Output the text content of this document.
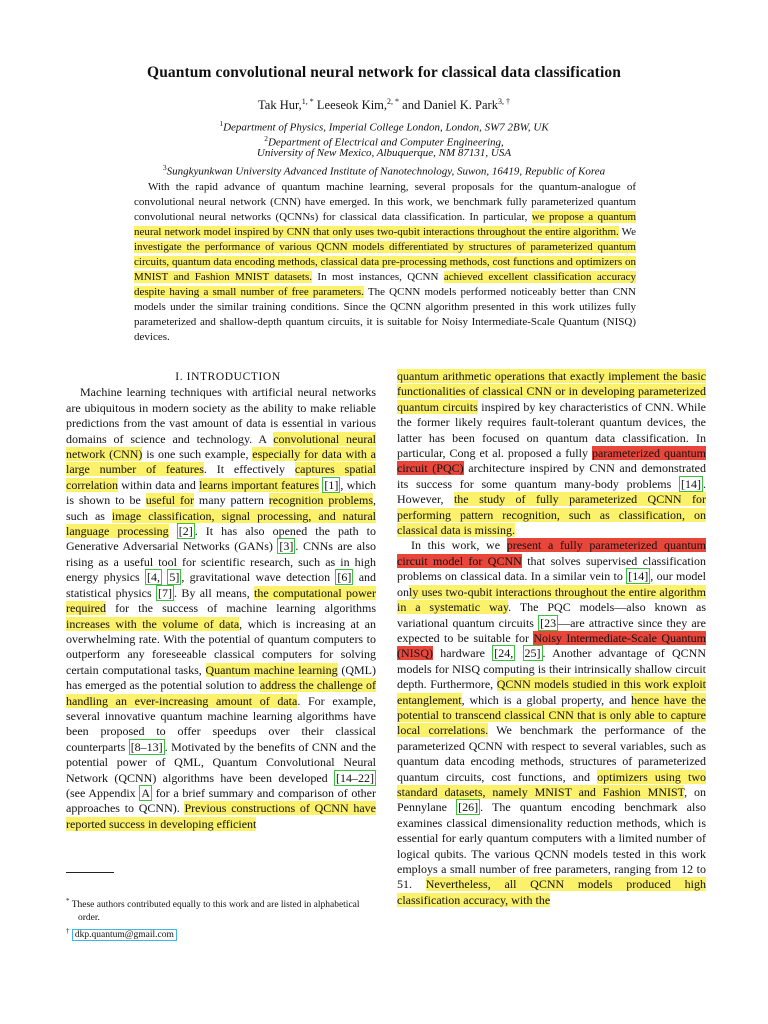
Quantum convolutional neural network for classical data classification
Tak Hur,$^{1, *}$ Leeseok Kim,$^{2, *}$ and Daniel K. Park$^{3, \dagger}$
$^1$Department of Physics, Imperial College London, London, SW7 2BW, UK
$^2$Department of Electrical and Computer Engineering,
University of New Mexico, Albuquerque, NM 87131, USA
$^3$Sungkyunkwan University Advanced Institute of Nanotechnology, Suwon, 16419, Republic of Korea
With the rapid advance of quantum machine learning, several proposals for the quantum-analogue of convolutional neural network (CNN) have emerged. In this work, we benchmark fully parameterized quantum convolutional neural networks (QCNNs) for classical data classification. In particular, we propose a quantum neural network model inspired by CNN that only uses two-qubit interactions throughout the entire algorithm. We investigate the performance of various QCNN models differentiated by structures of parameterized quantum circuits, quantum data encoding methods, classical data pre-processing methods, cost functions and optimizers on MNIST and Fashion MNIST datasets. In most instances, QCNN achieved excellent classification accuracy despite having a small number of free parameters. The QCNN models performed noticeably better than CNN models under the similar training conditions. Since the QCNN algorithm presented in this work utilizes fully parameterized and shallow-depth quantum circuits, it is suitable for Noisy Intermediate-Scale Quantum (NISQ) devices.

I. INTRODUCTION

Machine learning techniques with artificial neural networks are ubiquitous in modern society as the ability to make reliable predictions from the vast amount of data is essential in various domains of science and technology. A convolutional neural network (CNN) is one such example, especially for data with a large number of features. It effectively captures spatial correlation within data and learns important features [1] , which is shown to be useful for many pattern recognition problems, such as image classification, signal processing, and natural language processing [2] . It has also opened the path to Generative Adversarial Networks (GANs) [3] . CNNs are also rising as a useful tool for scientific research, such as in high energy physics [4, 5] , gravitational wave detection [6] and statistical physics [7] . By all means, the computational power required for the success of machine learning algorithms increases with the volume of data, which is increasing at an overwhelming rate. With the potential of quantum computers to outperform any foreseeable classical computers for solving certain computational tasks, Quantum machine learning (QML) has emerged as the potential solution to address the challenge of handling an ever-increasing amount of data. For example, several innovative quantum machine learning algorithms have been proposed to offer speedups over their classical counterparts [8–13] . Motivated by the benefits of CNN and the potential power of QML, Quantum Convolutional Neural Network (QCNN) algorithms have been developed [14–22] (see Appendix A for a brief summary and comparison of other approaches to QCNN). Previous constructions of QCNN have reported success in developing efficient

quantum arithmetic operations that exactly implement the basic functionalities of classical CNN or in developing parameterized quantum circuits inspired by key characteristics of CNN. While the former likely requires fault-tolerant quantum devices, the latter has been focused on quantum data classification. In particular, Cong et al. proposed a fully parameterized quantum circuit (PQC) architecture inspired by CNN and demonstrated its success for some quantum many-body problems [14] . However, the study of fully parameterized QCNN for performing pattern recognition, such as classification, on classical data is missing.

In this work, we present a fully parameterized quantum circuit model for QCNN that solves supervised classification problems on classical data. In a similar vein to [14] , our model only uses two-qubit interactions throughout the entire algorithm in a systematic way. The PQC models—also known as variational quantum circuits [23 —are attractive since they are expected to be suitable for Noisy Intermediate-Scale Quantum (NISQ) hardware [24, 25] . Another advantage of QCNN models for NISQ computing is their intrinsically shallow circuit depth. Furthermore, QCNN models studied in this work exploit entanglement, which is a global property, and hence have the potential to transcend classical CNN that is only able to capture local correlations. We benchmark the performance of the parameterized QCNN with respect to several variables, such as quantum data encoding methods, structures of parameterized quantum circuits, cost functions, and optimizers using two standard datasets, namely MNIST and Fashion MNIST, on Pennylane [26] . The quantum encoding benchmark also examines classical dimensionality reduction methods, which is essential for early quantum computers with a limited number of logical qubits. The various QCNN models tested in this work employs a small number of free parameters, ranging from 12 to 51. Nevertheless, all QCNN models produced high classification accuracy, with the

* These authors contributed equally to this work and are listed in alphabetical order.
† dkp.quantum@gmail.com
